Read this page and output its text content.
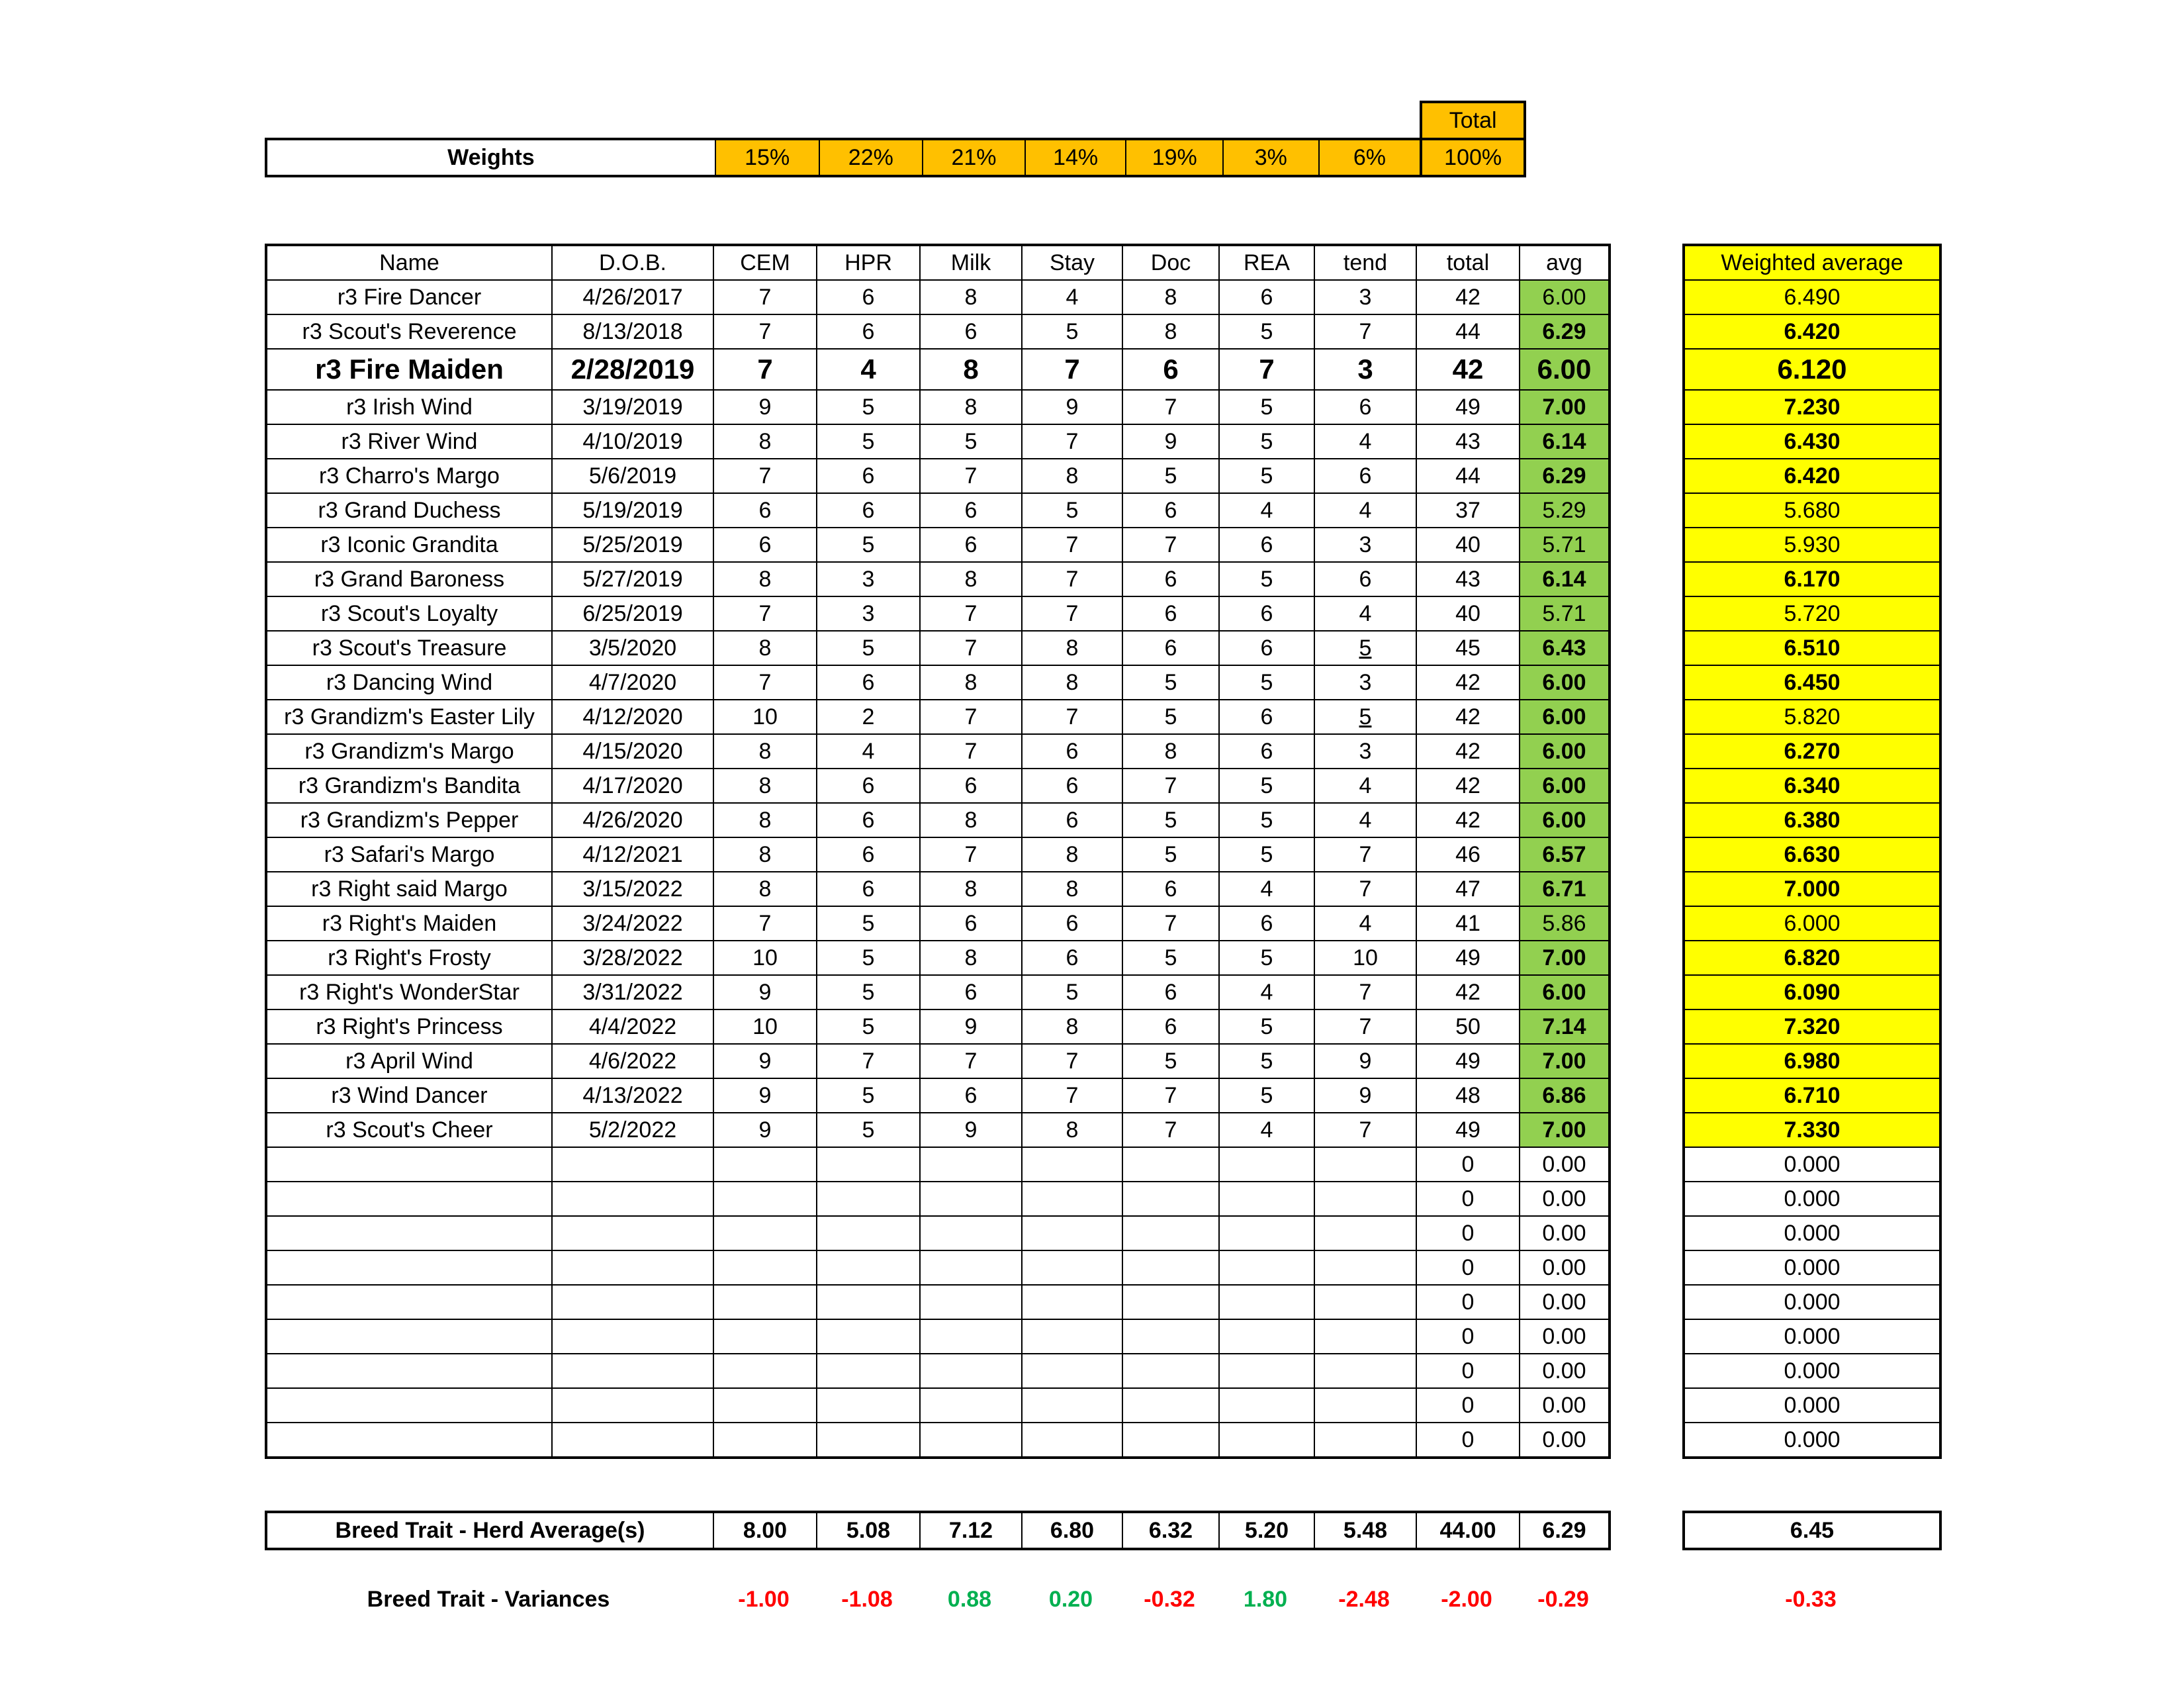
								Total
Weights	15%	22%	21%	14%	19%	3%	6%	100%
Name	D.O.B.	CEM	HPR	Milk	Stay	Doc	REA	tend	total	avg		Weighted average
r3 Fire Dancer	4/26/2017	7	6	8	4	8	6	3	42	6.00		6.490
r3 Scout's Reverence	8/13/2018	7	6	6	5	8	5	7	44	6.29		6.420
r3 Fire Maiden	2/28/2019	7	4	8	7	6	7	3	42	6.00		6.120
r3 Irish Wind	3/19/2019	9	5	8	9	7	5	6	49	7.00		7.230
r3 River Wind	4/10/2019	8	5	5	7	9	5	4	43	6.14		6.430
r3 Charro's Margo	5/6/2019	7	6	7	8	5	5	6	44	6.29		6.420
r3 Grand Duchess	5/19/2019	6	6	6	5	6	4	4	37	5.29		5.680
r3 Iconic Grandita	5/25/2019	6	5	6	7	7	6	3	40	5.71		5.930
r3 Grand Baroness	5/27/2019	8	3	8	7	6	5	6	43	6.14		6.170
r3 Scout's Loyalty	6/25/2019	7	3	7	7	6	6	4	40	5.71		5.720
r3 Scout's Treasure	3/5/2020	8	5	7	8	6	6	5	45	6.43		6.510
r3 Dancing Wind	4/7/2020	7	6	8	8	5	5	3	42	6.00		6.450
r3 Grandizm's Easter Lily	4/12/2020	10	2	7	7	5	6	5	42	6.00		5.820
r3 Grandizm's Margo	4/15/2020	8	4	7	6	8	6	3	42	6.00		6.270
r3 Grandizm's Bandita	4/17/2020	8	6	6	6	7	5	4	42	6.00		6.340
r3 Grandizm's Pepper	4/26/2020	8	6	8	6	5	5	4	42	6.00		6.380
r3 Safari's Margo	4/12/2021	8	6	7	8	5	5	7	46	6.57		6.630
r3 Right said Margo	3/15/2022	8	6	8	8	6	4	7	47	6.71		7.000
r3 Right's Maiden	3/24/2022	7	5	6	6	7	6	4	41	5.86		6.000
r3 Right's Frosty	3/28/2022	10	5	8	6	5	5	10	49	7.00		6.820
r3 Right's WonderStar	3/31/2022	9	5	6	5	6	4	7	42	6.00		6.090
r3 Right's Princess	4/4/2022	10	5	9	8	6	5	7	50	7.14		7.320
r3 April Wind	4/6/2022	9	7	7	7	5	5	9	49	7.00		6.980
r3 Wind Dancer	4/13/2022	9	5	6	7	7	5	9	48	6.86		6.710
r3 Scout's Cheer	5/2/2022	9	5	9	8	7	4	7	49	7.00		7.330
									0	0.00		0.000
									0	0.00		0.000
									0	0.00		0.000
									0	0.00		0.000
									0	0.00		0.000
									0	0.00		0.000
									0	0.00		0.000
									0	0.00		0.000
									0	0.00		0.000
Breed Trait - Herd Average(s)	8.00	5.08	7.12	6.80	6.32	5.20	5.48	44.00	6.29		6.45
Breed Trait - Variances	-1.00	-1.08	0.88	0.20	-0.32	1.80	-2.48	-2.00	-0.29		-0.33
